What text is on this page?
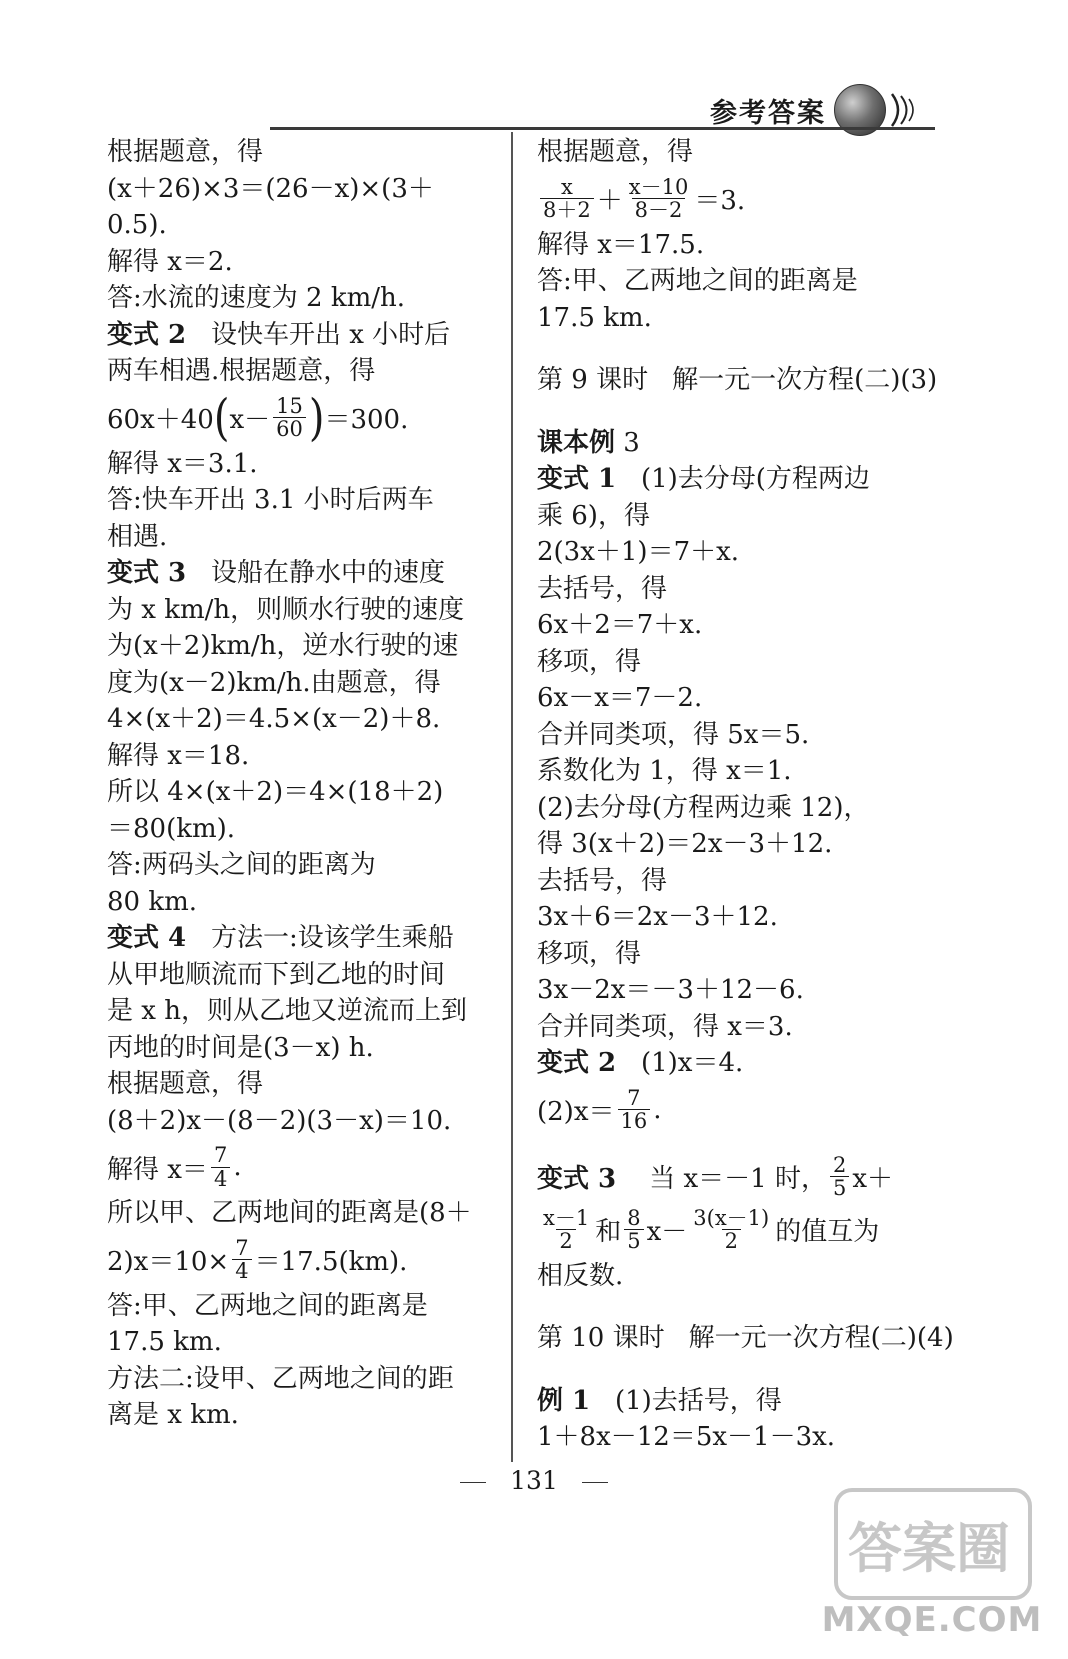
参考答案
根据题意，得
(x＋26)×3＝(26－x)×(3＋
0.5).
解得 x＝2.
答:水流的速度为 2 km/h.
变式 2 设快车开出 x 小时后
两车相遇.根据题意，得
60x＋40 ( $x- \frac{15}{60}$ ) ＝300.
解得 x＝3.1.
答:快车开出 3.1 小时后两车
相遇.
变式 3 设船在静水中的速度
为 x km/h，则顺水行驶的速度
为(x＋2)km/h，逆水行驶的速
度为(x－2)km/h.由题意，得
4×(x＋2)＝4.5×(x－2)＋8.
解得 x＝18.
所以 4×(x＋2)＝4×(18＋2)
＝80(km).
答:两码头之间的距离为
80 km.
变式 4 方法一:设该学生乘船
从甲地顺流而下到乙地的时间
是 x h，则从乙地又逆流而上到
丙地的时间是(3－x) h.
根据题意，得
(8＋2)x－(8－2)(3－x)＝10.
解得 $x= \frac{7}{4}$ .
所以甲、乙两地间的距离是(8＋
$2)x=10\times \frac{7}{4} =17.5(km)$.
答:甲、乙两地之间的距离是
17.5 km.
方法二:设甲、乙两地之间的距
离是 x km.
根据题意，得
$\frac{x}{8+2} + \frac{x-10}{8-2} =3$.
解得 x＝17.5.
答:甲、乙两地之间的距离是
17.5 km.
第 9 课时 解一元一次方程(二)(3)
课本例 3
变式 1 (1)去分母(方程两边
乘 6)，得
2(3x＋1)＝7＋x.
去括号，得
6x＋2＝7＋x.
移项，得
6x－x＝7－2.
合并同类项，得 5x＝5.
系数化为 1，得 x＝1.
(2)去分母(方程两边乘 12)，
得 3(x＋2)＝2x－3＋12.
去括号，得
3x＋6＝2x－3＋12.
移项，得
3x－2x＝－3＋12－6.
合并同类项，得 x＝3.
变式 2 (1)x＝4.
$(2)x= \frac{7}{16}$ .
变式 3
当 x＝－1 时， $\frac{2}{5} x+$
$\frac{x-1}{2}$ 和 $\frac{8}{5} x- \frac{3(x-1)}{2}$ 的值互为
相反数.
第 10 课时 解一元一次方程(二)(4)
例 1 (1)去括号，得
1＋8x－12＝5x－1－3x.
131
答案圈
MXQE.COM
